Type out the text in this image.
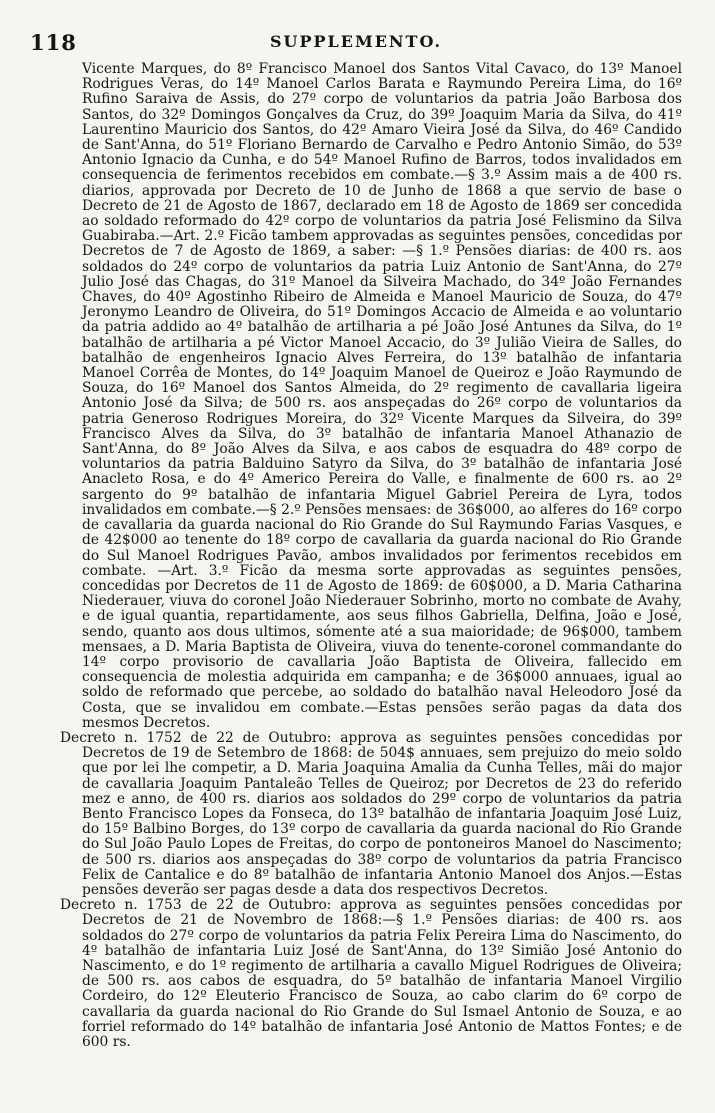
118	SUPPLEMENTO.

Vicente Marques, do 8º Francisco Manoel dos Santos Vital Cavaco, do 13º Manoel Rodrigues Veras, do 14º Manoel Carlos Barata e Raymundo Pereira Lima, do 16º Rufino Saraiva de Assis, do 27º corpo de voluntarios da patria João Barbosa dos Santos, do 32º Domingos Gonçalves da Cruz, do 39º Joaquim Maria da Silva, do 41º Laurentino Mauricio dos Santos, do 42º Amaro Vieira José da Silva, do 46º Candido de Sant'Anna, do 51º Floriano Bernardo de Carvalho e Pedro Antonio Simão, do 53º Antonio Ignacio da Cunha, e do 54º Manoel Rufino de Barros, todos invalidados em consequencia de ferimentos recebidos em combate.—§ 3.º Assim mais a de 400 rs. diarios, approvada por Decreto de 10 de Junho de 1868 a que servio de base o Decreto de 21 de Agosto de 1867, declarado em 18 de Agosto de 1869 ser concedida ao soldado reformado do 42º corpo de voluntarios da patria José Felismino da Silva Guabiraba.—Art. 2.º Ficão tambem approvadas as seguintes pensões, concedidas por Decretos de 7 de Agosto de 1869, a saber: —§ 1.º Pensões diarias: de 400 rs. aos soldados do 24º corpo de voluntarios da patria Luiz Antonio de Sant'Anna, do 27º Julio José das Chagas, do 31º Manoel da Silveira Machado, do 34º João Fernandes Chaves, do 40º Agostinho Ribeiro de Almeida e Manoel Mauricio de Souza, do 47º Jeronymo Leandro de Oliveira, do 51º Domingos Accacio de Almeida e ao voluntario da patria addido ao 4º batalhão de artilharia a pé João José Antunes da Silva, do 1º batalhão de artilharia a pé Victor Manoel Accacio, do 3º Julião Vieira de Salles, do batalhão de engenheiros Ignacio Alves Ferreira, do 13º batalhão de infantaria Manoel Corrêa de Montes, do 14º Joaquim Manoel de Queiroz e João Raymundo de Souza, do 16º Manoel dos Santos Almeida, do 2º regimento de cavallaria ligeira Antonio José da Silva; de 500 rs. aos anspeçadas do 26º corpo de voluntarios da patria Generoso Rodrigues Moreira, do 32º Vicente Marques da Silveira, do 39º Francisco Alves da Silva, do 3º batalhão de infantaria Manoel Athanazio de Sant'Anna, do 8º João Alves da Silva, e aos cabos de esquadra do 48º corpo de voluntarios da patria Balduino Satyro da Silva, do 3º batalhão de infantaria José Anacleto Rosa, e do 4º Americo Pereira do Valle, e finalmente de 600 rs. ao 2º sargento do 9º batalhão de infantaria Miguel Gabriel Pereira de Lyra, todos invalidados em combate.—§ 2.º Pensões mensaes: de 36$000, ao alferes do 16º corpo de cavallaria da guarda nacional do Rio Grande do Sul Raymundo Farias Vasques, e de 42$000 ao tenente do 18º corpo de cavallaria da guarda nacional do Rio Grande do Sul Manoel Rodrigues Pavão, ambos invalidados por ferimentos recebidos em combate. —Art. 3.º Ficão da mesma sorte approvadas as seguintes pensões, concedidas por Decretos de 11 de Agosto de 1869: de 60$000, a D. Maria Catharina Niederauer, viuva do coronel João Niederauer Sobrinho, morto no combate de Avahy, e de igual quantia, repartidamente, aos seus filhos Gabriella, Delfina, João e José, sendo, quanto aos dous ultimos, sómente até a sua maioridade; de 96$000, tambem mensaes, a D. Maria Baptista de Oliveira, viuva do tenente-coronel commandante do 14º corpo provisorio de cavallaria João Baptista de Oliveira, fallecido em consequencia de molestia adquirida em campanha; e de 36$000 annuaes, igual ao soldo de reformado que percebe, ao soldado do batalhão naval Heleodoro José da Costa, que se invalidou em combate.—Estas pensões serão pagas da data dos mesmos Decretos.

Decreto n. 1752 de 22 de Outubro: approva as seguintes pensões concedidas por Decretos de 19 de Setembro de 1868: de 504$ annuaes, sem prejuizo do meio soldo que por lei lhe competir, a D. Maria Joaquina Amalia da Cunha Telles, mãi do major de cavallaria Joaquim Pantaleão Telles de Queiroz; por Decretos de 23 do referido mez e anno, de 400 rs. diarios aos soldados do 29º corpo de voluntarios da patria Bento Francisco Lopes da Fonseca, do 13º batalhão de infantaria Joaquim José Luiz, do 15º Balbino Borges, do 13º corpo de cavallaria da guarda nacional do Rio Grande do Sul João Paulo Lopes de Freitas, do corpo de pontoneiros Manoel do Nascimento; de 500 rs. diarios aos anspeçadas do 38º corpo de voluntarios da patria Francisco Felix de Cantalice e do 8º batalhão de infantaria Antonio Manoel dos Anjos.—Estas pensões deverão ser pagas desde a data dos respectivos Decretos.

Decreto n. 1753 de 22 de Outubro: approva as seguintes pensões concedidas por Decretos de 21 de Novembro de 1868:—§ 1.º Pensões diarias: de 400 rs. aos soldados do 27º corpo de voluntarios da patria Felix Pereira Lima do Nascimento, do 4º batalhão de infantaria Luiz José de Sant'Anna, do 13º Simião José Antonio do Nascimento, e do 1º regimento de artilharia a cavallo Miguel Rodrigues de Oliveira; de 500 rs. aos cabos de esquadra, do 5º batalhão de infantaria Manoel Virgilio Cordeiro, do 12º Eleuterio Francisco de Souza, ao cabo clarim do 6º corpo de cavallaria da guarda nacional do Rio Grande do Sul Ismael Antonio de Souza, e ao forriel reformado do 14º batalhão de infantaria José Antonio de Mattos Fontes; e de 600 rs.
